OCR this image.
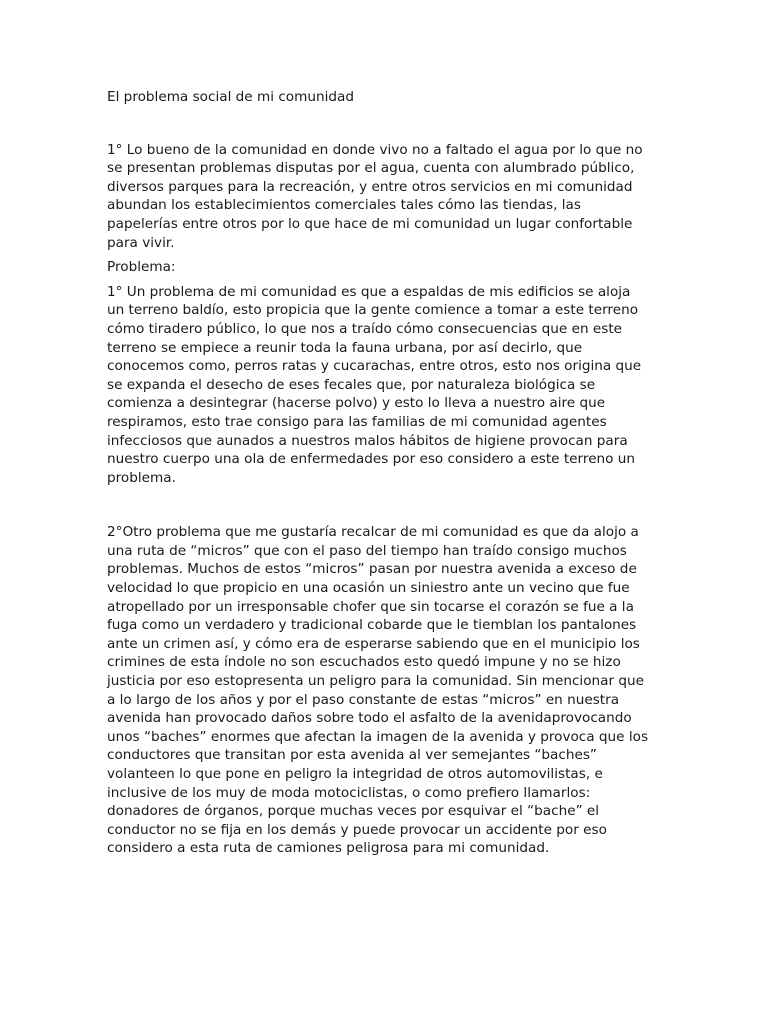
El problema social de mi comunidad
1° Lo bueno de la comunidad en donde vivo no a faltado el agua por lo que no
se presentan problemas disputas por el agua, cuenta con alumbrado público,
diversos parques para la recreación, y entre otros servicios en mi comunidad
abundan los establecimientos comerciales tales cómo las tiendas, las
papelerías entre otros por lo que hace de mi comunidad un lugar confortable
para vivir.
Problema:
1° Un problema de mi comunidad es que a espaldas de mis edificios se aloja
un terreno baldío, esto propicia que la gente comience a tomar a este terreno
cómo tiradero público, lo que nos a traído cómo consecuencias que en este
terreno se empiece a reunir toda la fauna urbana, por así decirlo, que
conocemos como, perros ratas y cucarachas, entre otros, esto nos origina que
se expanda el desecho de eses fecales que, por naturaleza biológica se
comienza a desintegrar (hacerse polvo) y esto lo lleva a nuestro aire que
respiramos, esto trae consigo para las familias de mi comunidad agentes
infecciosos que aunados a nuestros malos hábitos de higiene provocan para
nuestro cuerpo una ola de enfermedades por eso considero a este terreno un
problema.
2°Otro problema que me gustaría recalcar de mi comunidad es que da alojo a
una ruta de “micros” que con el paso del tiempo han traído consigo muchos
problemas. Muchos de estos “micros” pasan por nuestra avenida a exceso de
velocidad lo que propicio en una ocasión un siniestro ante un vecino que fue
atropellado por un irresponsable chofer que sin tocarse el corazón se fue a la
fuga como un verdadero y tradicional cobarde que le tiemblan los pantalones
ante un crimen así, y cómo era de esperarse sabiendo que en el municipio los
crimines de esta índole no son escuchados esto quedó impune y no se hizo
justicia por eso estopresenta un peligro para la comunidad. Sin mencionar que
a lo largo de los años y por el paso constante de estas “micros” en nuestra
avenida han provocado daños sobre todo el asfalto de la avenidaprovocando
unos “baches” enormes que afectan la imagen de la avenida y provoca que los
conductores que transitan por esta avenida al ver semejantes “baches”
volanteen lo que pone en peligro la integridad de otros automovilistas, e
inclusive de los muy de moda motociclistas, o como prefiero llamarlos:
donadores de órganos, porque muchas veces por esquivar el “bache” el
conductor no se fija en los demás y puede provocar un accidente por eso
considero a esta ruta de camiones peligrosa para mi comunidad.
